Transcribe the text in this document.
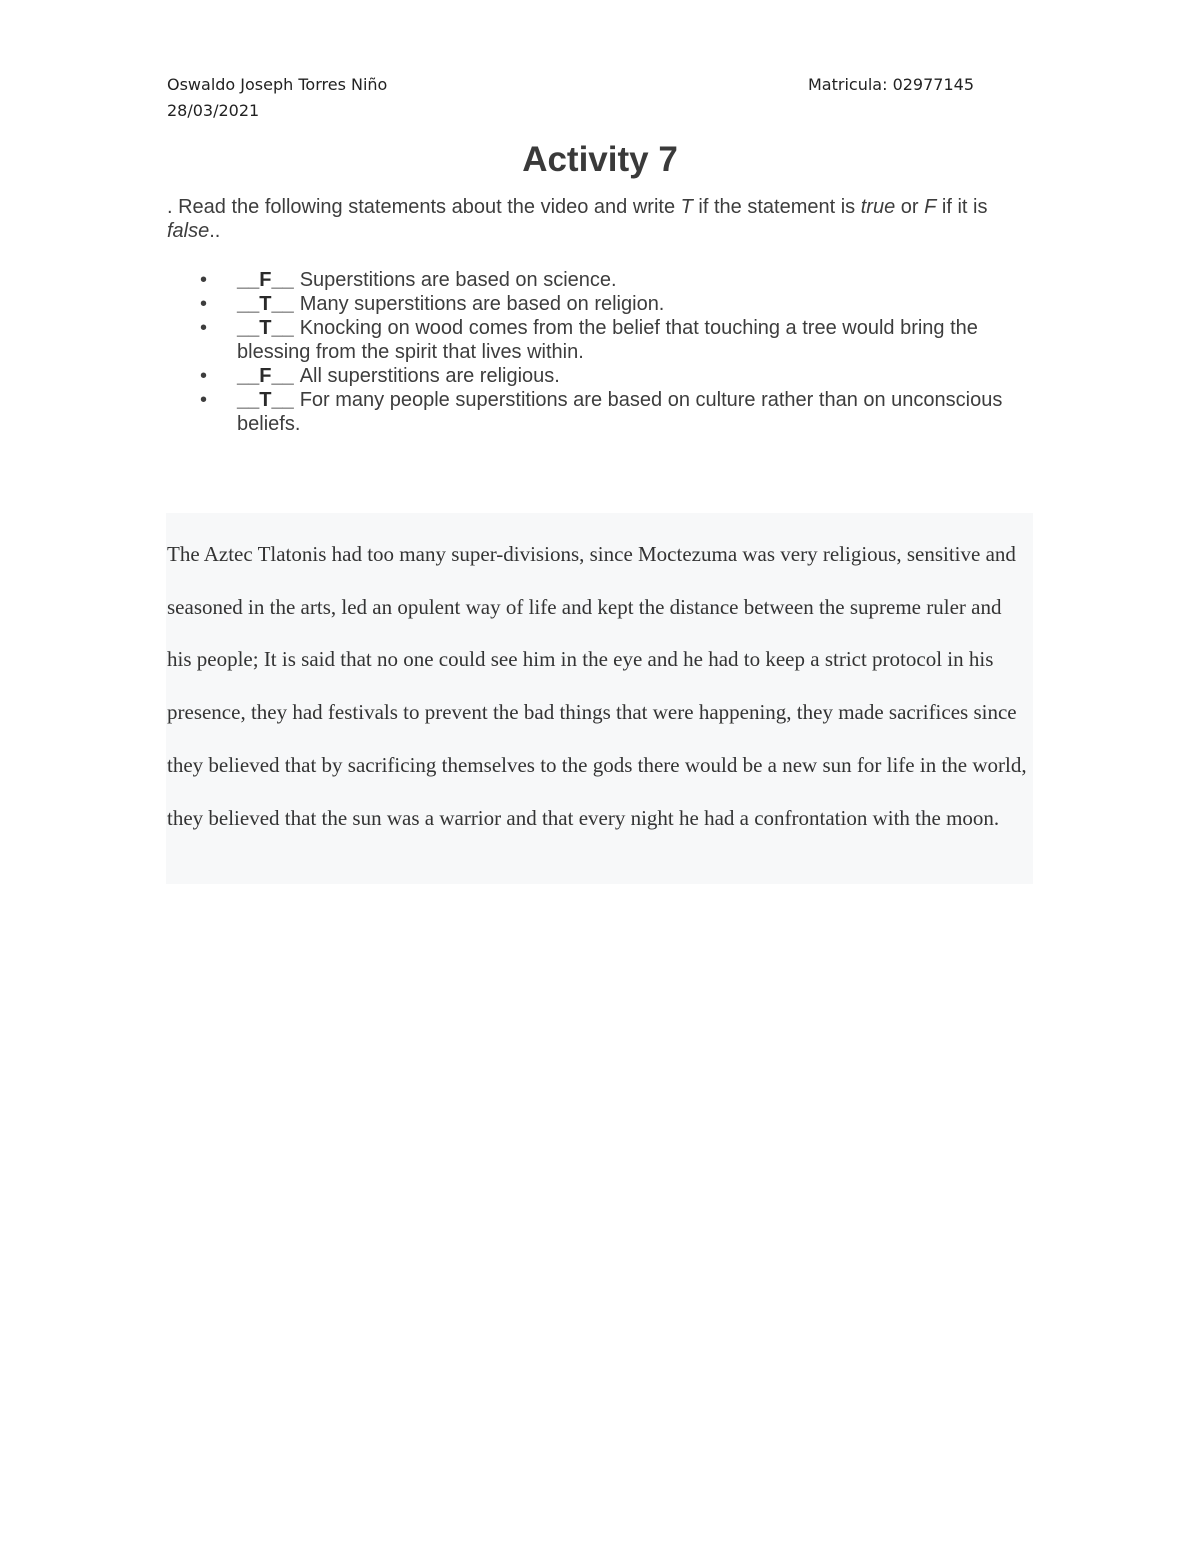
Oswaldo Joseph Torres Niño
28/03/2021
Matricula: 02977145
Activity 7
. Read the following statements about the video and write T if the statement is true or F if it is false..
• __F__ Superstitions are based on science.
• __T__ Many superstitions are based on religion.
• __T__ Knocking on wood comes from the belief that touching a tree would bring the blessing from the spirit that lives within.
• __F__ All superstitions are religious.
• __T__ For many people superstitions are based on culture rather than on unconscious beliefs.

The Aztec Tlatonis had too many super-divisions, since Moctezuma was very religious, sensitive and seasoned in the arts, led an opulent way of life and kept the distance between the supreme ruler and his people; It is said that no one could see him in the eye and he had to keep a strict protocol in his presence, they had festivals to prevent the bad things that were happening, they made sacrifices since they believed that by sacrificing themselves to the gods there would be a new sun for life in the world, they believed that the sun was a warrior and that every night he had a confrontation with the moon.
